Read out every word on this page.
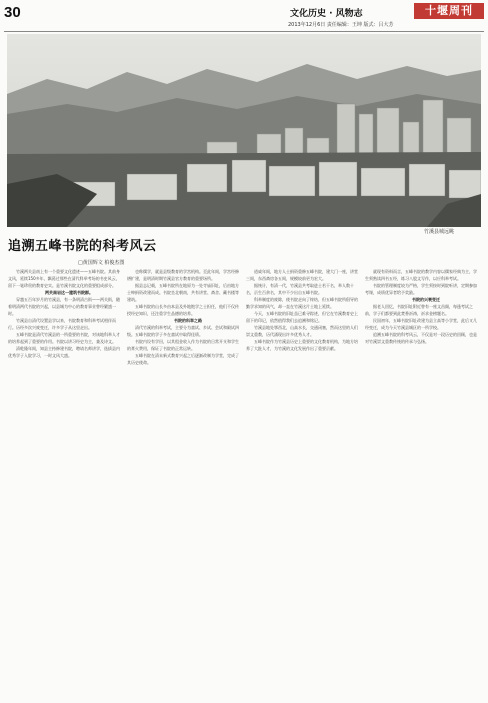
30	文化历史 · 风物志	十堰周刊
2013年12月6日 责任编辑：王坤 版式：吕大芳
竹溪县城远眺
追溯五峰书院的科考风云
□黄国辉文 柏俊杰图

竹溪两关县南上有一个重要文化遗迹——五峰书院。其前身文风，延续150多年，飘荡过那些在清代科举考场的书史风云，留下一笔珍贵的教育史实。是竹溪书院文化的重要组成部分。

两关南岩这一建筑书院群。

穿越五百年岁月的竹溪县，有一条明清古街——两关街，随着明清两代书院的兴起，以县城为中心的教育事业曾经繁盛一时。

竹溪县自清代设置县学以来，书院教育和科举考试相伴而行。历经多次兴废变迁，许多学子从这里走出。

五峰书院是清代竹溪县的一所重要的书院，对该地科举人才的培养起到了重要的作用。书院以讲习经史为主，兼及诗文。

清乾隆年间，知县主持修建书院，聘请名师讲学，选拔县内优秀学子入院学习，一时文风大盛。

也称儒学，就是县级教育的学宫机构。至此年间，学宫经修缮扩建，是明清时期竹溪县官方教育的重要场所。

据县志记载，五峰书院所在地原为一处寺庙旧址，后由地方士绅捐资改建而成。书院坐北朝南，共有讲堂、斋舍、藏书楼等建筑。

五峰书院的山长多由本县及外地饱学之士担任，他们不仅传授经史知识，还注重学生品德的培养。

书院的科举之路

清代竹溪的科举考试，主要分为童试、乡试、会试和殿试四级。五峰书院的学子多在童试中取得佳绩。

书院内设有学田，以其租金收入作为书院的日常开支和学生的膏火费用，保证了书院的正常运转。

五峰书院在清末新式教育兴起之后逐渐改制为学堂，完成了其历史使命。

道咸年间，地方人士捐资重修五峰书院，建大门一座，讲堂三间，东西斋房各五间，规模较前更为宏大。

据统计，有清一代，竹溪县共考取进士若干名，举人数十名，贡生百余名，其中不少出自五峰书院。

科举制度的废除，使书院走向了终结，但五峰书院所倡导的勤学求知的风气，却一直在竹溪这片土地上延续。

今天，五峰书院的旧址虽已难寻踪迹，但它在竹溪教育史上留下的印记，依然值得我们去追溯和铭记。

竹溪县地处鄂西北，山高水长，交通闭塞，然而这里的人们崇文重教，历代涌现出许多优秀人才。

五峰书院作为竹溪县历史上重要的文化教育机构，为地方培养了大批人才，为竹溪的文化发展作出了重要贡献。

就现有资料而言，五峰书院的教学内容以儒家经典为主，学生须熟读四书五经，练习八股文写作，以应科举考试。

书院的管理制度较为严格，学生须按时到院听讲，定期参加考课，成绩优异者给予奖励。

书院的兴衰变迁

据老人回忆，书院旧址附近曾有一座文昌阁，每逢考试之前，学子们都要到此焚香祈祷，祈求金榜题名。

民国初年，五峰书院旧址改建为县立高等小学堂，此后又几经变迁，成为今天竹溪县城区的一所学校。

追溯五峰书院的科考风云，不仅是对一段历史的回顾，也是对竹溪崇文重教传统的传承与弘扬。
